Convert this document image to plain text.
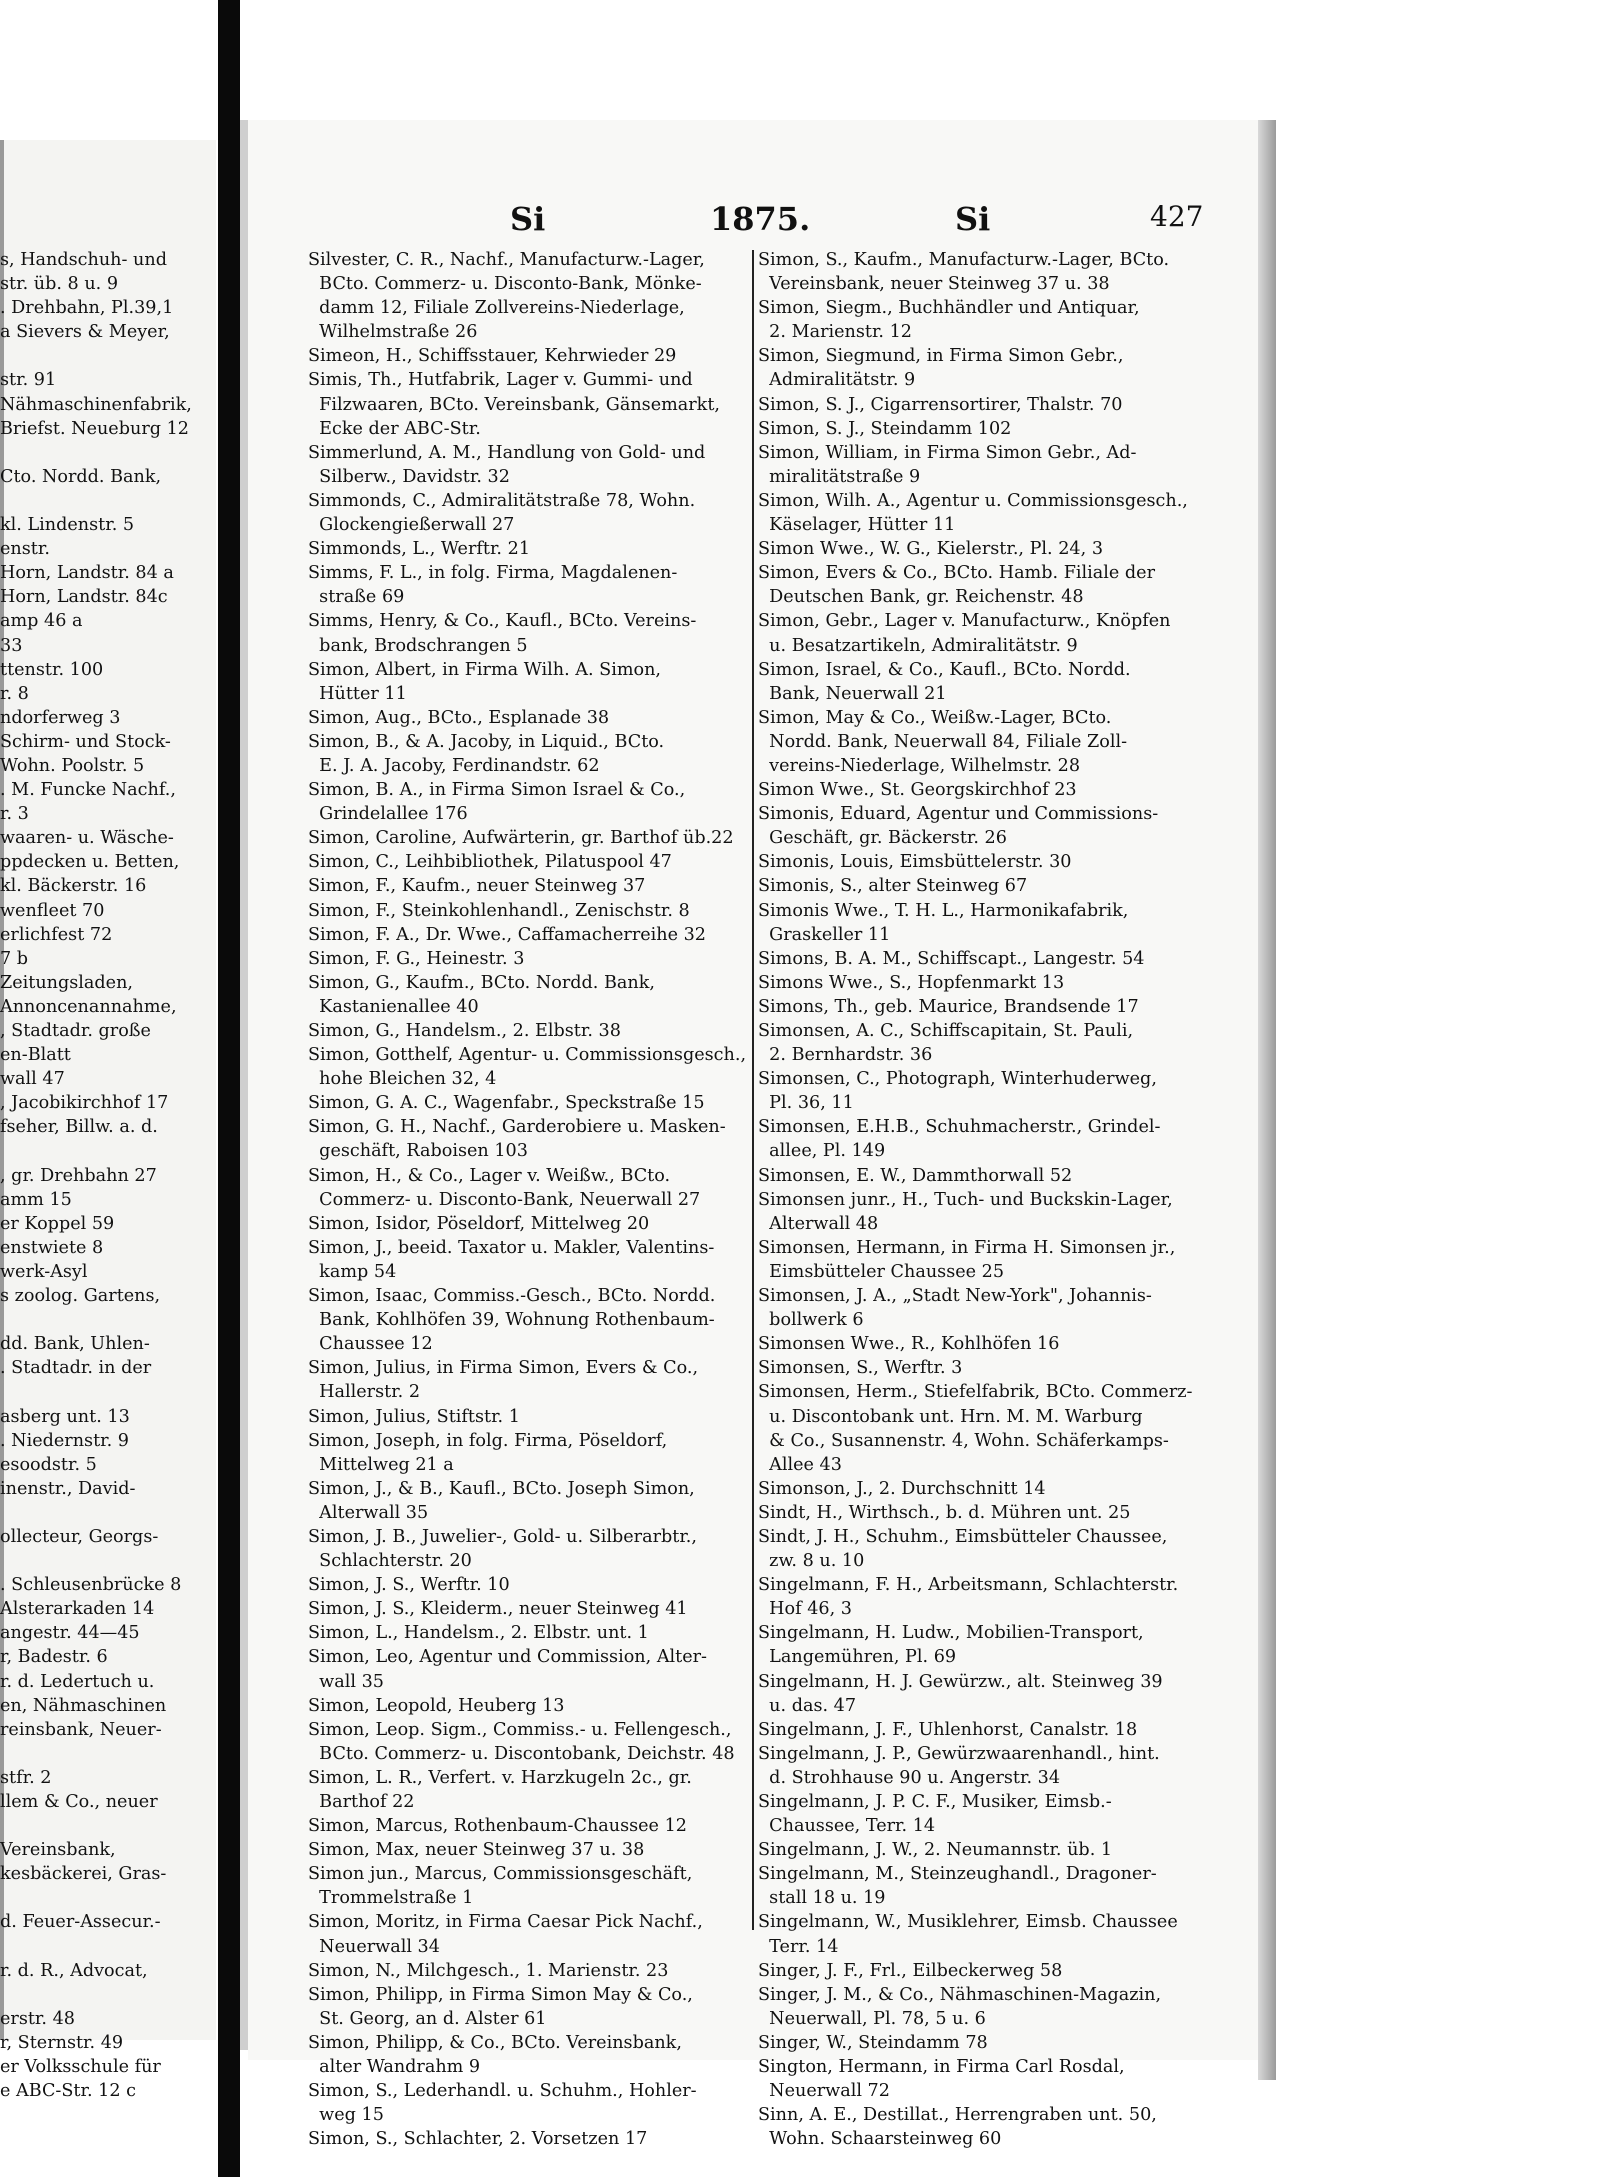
Si	1875.	Si	427
s, Handschuh- und
str. üb. 8 u. 9
. Drehbahn, Pl.39,1
a Sievers & Meyer,

str. 91
Nähmaschinenfabrik,
Briefst. Neueburg 12

Cto. Nordd. Bank,

kl. Lindenstr. 5
enstr.
Horn, Landstr. 84 a
Horn, Landstr. 84c
amp 46 a
33
ttenstr. 100
r. 8
ndorferweg 3
Schirm- und Stock-
Wohn. Poolstr. 5
. M. Funcke Nachf.,
r. 3
waaren- u. Wäsche-
ppdecken u. Betten,
kl. Bäckerstr. 16
wenfleet 70
erlichfest 72
7 b
Zeitungsladen,
Annoncenannahme,
, Stadtadr. große
en-Blatt
wall 47
, Jacobikirchhof 17
fseher, Billw. a. d.

, gr. Drehbahn 27
amm 15
er Koppel 59
enstwiete 8
werk-Asyl
s zoolog. Gartens,

dd. Bank, Uhlen-
. Stadtadr. in der

asberg unt. 13
. Niedernstr. 9
esoodstr. 5
inenstr., David-

ollecteur, Georgs-

. Schleusenbrücke 8
Alsterarkaden 14
angestr. 44—45
r, Badestr. 6
r. d. Ledertuch u.
en, Nähmaschinen
reinsbank, Neuer-

stfr. 2
llem & Co., neuer

Vereinsbank,
kesbäckerei, Gras-

d. Feuer-Assecur.-

r. d. R., Advocat,

erstr. 48
r, Sternstr. 49
er Volksschule für
e ABC-Str. 12 c
Silvester, C. R., Nachf., Manufacturw.-Lager,
BCto. Commerz- u. Disconto-Bank, Mönke-
damm 12, Filiale Zollvereins-Niederlage,
Wilhelmstraße 26
Simeon, H., Schiffsstauer, Kehrwieder 29
Simis, Th., Hutfabrik, Lager v. Gummi- und
Filzwaaren, BCto. Vereinsbank, Gänsemarkt,
Ecke der ABC-Str.
Simmerlund, A. M., Handlung von Gold- und
Silberw., Davidstr. 32
Simmonds, C., Admiralitätstraße 78, Wohn.
Glockengießerwall 27
Simmonds, L., Werftr. 21
Simms, F. L., in folg. Firma, Magdalenen-
straße 69
Simms, Henry, & Co., Kaufl., BCto. Vereins-
bank, Brodschrangen 5
Simon, Albert, in Firma Wilh. A. Simon,
Hütter 11
Simon, Aug., BCto., Esplanade 38
Simon, B., & A. Jacoby, in Liquid., BCto.
E. J. A. Jacoby, Ferdinandstr. 62
Simon, B. A., in Firma Simon Israel & Co.,
Grindelallee 176
Simon, Caroline, Aufwärterin, gr. Barthof üb.22
Simon, C., Leihbibliothek, Pilatuspool 47
Simon, F., Kaufm., neuer Steinweg 37
Simon, F., Steinkohlenhandl., Zenischstr. 8
Simon, F. A., Dr. Wwe., Caffamacherreihe 32
Simon, F. G., Heinestr. 3
Simon, G., Kaufm., BCto. Nordd. Bank,
Kastanienallee 40
Simon, G., Handelsm., 2. Elbstr. 38
Simon, Gotthelf, Agentur- u. Commissionsgesch.,
hohe Bleichen 32, 4
Simon, G. A. C., Wagenfabr., Speckstraße 15
Simon, G. H., Nachf., Garderobiere u. Masken-
geschäft, Raboisen 103
Simon, H., & Co., Lager v. Weißw., BCto.
Commerz- u. Disconto-Bank, Neuerwall 27
Simon, Isidor, Pöseldorf, Mittelweg 20
Simon, J., beeid. Taxator u. Makler, Valentins-
kamp 54
Simon, Isaac, Commiss.-Gesch., BCto. Nordd.
Bank, Kohlhöfen 39, Wohnung Rothenbaum-
Chaussee 12
Simon, Julius, in Firma Simon, Evers & Co.,
Hallerstr. 2
Simon, Julius, Stiftstr. 1
Simon, Joseph, in folg. Firma, Pöseldorf,
Mittelweg 21 a
Simon, J., & B., Kaufl., BCto. Joseph Simon,
Alterwall 35
Simon, J. B., Juwelier-, Gold- u. Silberarbtr.,
Schlachterstr. 20
Simon, J. S., Werftr. 10
Simon, J. S., Kleiderm., neuer Steinweg 41
Simon, L., Handelsm., 2. Elbstr. unt. 1
Simon, Leo, Agentur und Commission, Alter-
wall 35
Simon, Leopold, Heuberg 13
Simon, Leop. Sigm., Commiss.- u. Fellengesch.,
BCto. Commerz- u. Discontobank, Deichstr. 48
Simon, L. R., Verfert. v. Harzkugeln 2c., gr.
Barthof 22
Simon, Marcus, Rothenbaum-Chaussee 12
Simon, Max, neuer Steinweg 37 u. 38
Simon jun., Marcus, Commissionsgeschäft,
Trommelstraße 1
Simon, Moritz, in Firma Caesar Pick Nachf.,
Neuerwall 34
Simon, N., Milchgesch., 1. Marienstr. 23
Simon, Philipp, in Firma Simon May & Co.,
St. Georg, an d. Alster 61
Simon, Philipp, & Co., BCto. Vereinsbank,
alter Wandrahm 9
Simon, S., Lederhandl. u. Schuhm., Hohler-
weg 15
Simon, S., Schlachter, 2. Vorsetzen 17
Simon, S., Kaufm., Manufacturw.-Lager, BCto.
Vereinsbank, neuer Steinweg 37 u. 38
Simon, Siegm., Buchhändler und Antiquar,
2. Marienstr. 12
Simon, Siegmund, in Firma Simon Gebr.,
Admiralitätstr. 9
Simon, S. J., Cigarrensortirer, Thalstr. 70
Simon, S. J., Steindamm 102
Simon, William, in Firma Simon Gebr., Ad-
miralitätstraße 9
Simon, Wilh. A., Agentur u. Commissionsgesch.,
Käselager, Hütter 11
Simon Wwe., W. G., Kielerstr., Pl. 24, 3
Simon, Evers & Co., BCto. Hamb. Filiale der
Deutschen Bank, gr. Reichenstr. 48
Simon, Gebr., Lager v. Manufacturw., Knöpfen
u. Besatzartikeln, Admiralitätstr. 9
Simon, Israel, & Co., Kaufl., BCto. Nordd.
Bank, Neuerwall 21
Simon, May & Co., Weißw.-Lager, BCto.
Nordd. Bank, Neuerwall 84, Filiale Zoll-
vereins-Niederlage, Wilhelmstr. 28
Simon Wwe., St. Georgskirchhof 23
Simonis, Eduard, Agentur und Commissions-
Geschäft, gr. Bäckerstr. 26
Simonis, Louis, Eimsbüttelerstr. 30
Simonis, S., alter Steinweg 67
Simonis Wwe., T. H. L., Harmonikafabrik,
Graskeller 11
Simons, B. A. M., Schiffscapt., Langestr. 54
Simons Wwe., S., Hopfenmarkt 13
Simons, Th., geb. Maurice, Brandsende 17
Simonsen, A. C., Schiffscapitain, St. Pauli,
2. Bernhardstr. 36
Simonsen, C., Photograph, Winterhuderweg,
Pl. 36, 11
Simonsen, E.H.B., Schuhmacherstr., Grindel-
allee, Pl. 149
Simonsen, E. W., Dammthorwall 52
Simonsen junr., H., Tuch- und Buckskin-Lager,
Alterwall 48
Simonsen, Hermann, in Firma H. Simonsen jr.,
Eimsbütteler Chaussee 25
Simonsen, J. A., „Stadt New-York", Johannis-
bollwerk 6
Simonsen Wwe., R., Kohlhöfen 16
Simonsen, S., Werftr. 3
Simonsen, Herm., Stiefelfabrik, BCto. Commerz-
u. Discontobank unt. Hrn. M. M. Warburg
& Co., Susannenstr. 4, Wohn. Schäferkamps-
Allee 43
Simonson, J., 2. Durchschnitt 14
Sindt, H., Wirthsch., b. d. Mühren unt. 25
Sindt, J. H., Schuhm., Eimsbütteler Chaussee,
zw. 8 u. 10
Singelmann, F. H., Arbeitsmann, Schlachterstr.
Hof 46, 3
Singelmann, H. Ludw., Mobilien-Transport,
Langemühren, Pl. 69
Singelmann, H. J. Gewürzw., alt. Steinweg 39
u. das. 47
Singelmann, J. F., Uhlenhorst, Canalstr. 18
Singelmann, J. P., Gewürzwaarenhandl., hint.
d. Strohhause 90 u. Angerstr. 34
Singelmann, J. P. C. F., Musiker, Eimsb.-
Chaussee, Terr. 14
Singelmann, J. W., 2. Neumannstr. üb. 1
Singelmann, M., Steinzeughandl., Dragoner-
stall 18 u. 19
Singelmann, W., Musiklehrer, Eimsb. Chaussee
Terr. 14
Singer, J. F., Frl., Eilbeckerweg 58
Singer, J. M., & Co., Nähmaschinen-Magazin,
Neuerwall, Pl. 78, 5 u. 6
Singer, W., Steindamm 78
Sington, Hermann, in Firma Carl Rosdal,
Neuerwall 72
Sinn, A. E., Destillat., Herrengraben unt. 50,
Wohn. Schaarsteinweg 60
